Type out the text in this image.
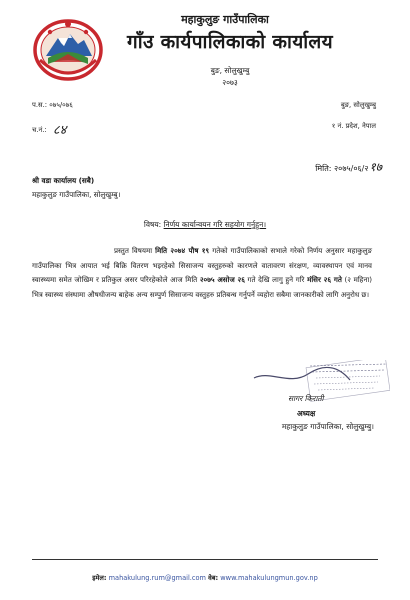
महाकुलुङ गाउँपालिका
गाँउ कार्यपालिकाको कार्यालय
बुङ, सोलुखुम्बु
२०७३
प.स.: ०७५/०७६
च.नं.: ८४
बुङ, सोलुखुम्बु
१ नं. प्रदेश, नेपाल
मिति: २०७५/०६/२१७
श्री वडा कार्यालय (सबै)
महाकुलुङ गाउँपालिका, सोलुखुम्बु।
विषय: निर्णय कार्यान्वयन गरि सहयोग गर्नुहुन।
प्रस्तुत विषयमा मिति २०७४ पौष १९ गतेको गाउँपालिकाको सभाले गरेको निर्णय अनुसार महाकुलुङ गाउँपालिका भित्र आयात भई बिक्रि वितरण भइरहेको सिसाजन्य वस्तुहरुको कारणले वातावरण संरक्षण, व्यावस्थापन एवं मानव स्वास्थ्यमा समेत जोखिम र प्रतिकुल असर परिरहेकोले आज मिति २०७५ असोज २६ गते देखि लागु हुने गरि मंसिर २६ गते (२ महिना) भित्र स्वास्थ्य संस्थामा औषधीजन्य बाहेक अन्य सम्पुर्ण सिसाजन्य वस्तुहरु प्रतिबन्ध गर्नुपर्ने व्यहोरा सबैमा जानकारीको लागि अनुरोध छ।
सागर किराती
अध्यक्ष
महाकुलुङ गाउँपालिका, सोलुखुम्बु।
इमेल: mahakulung.rum@gmail.com वेब: www.mahakulungmun.gov.np
